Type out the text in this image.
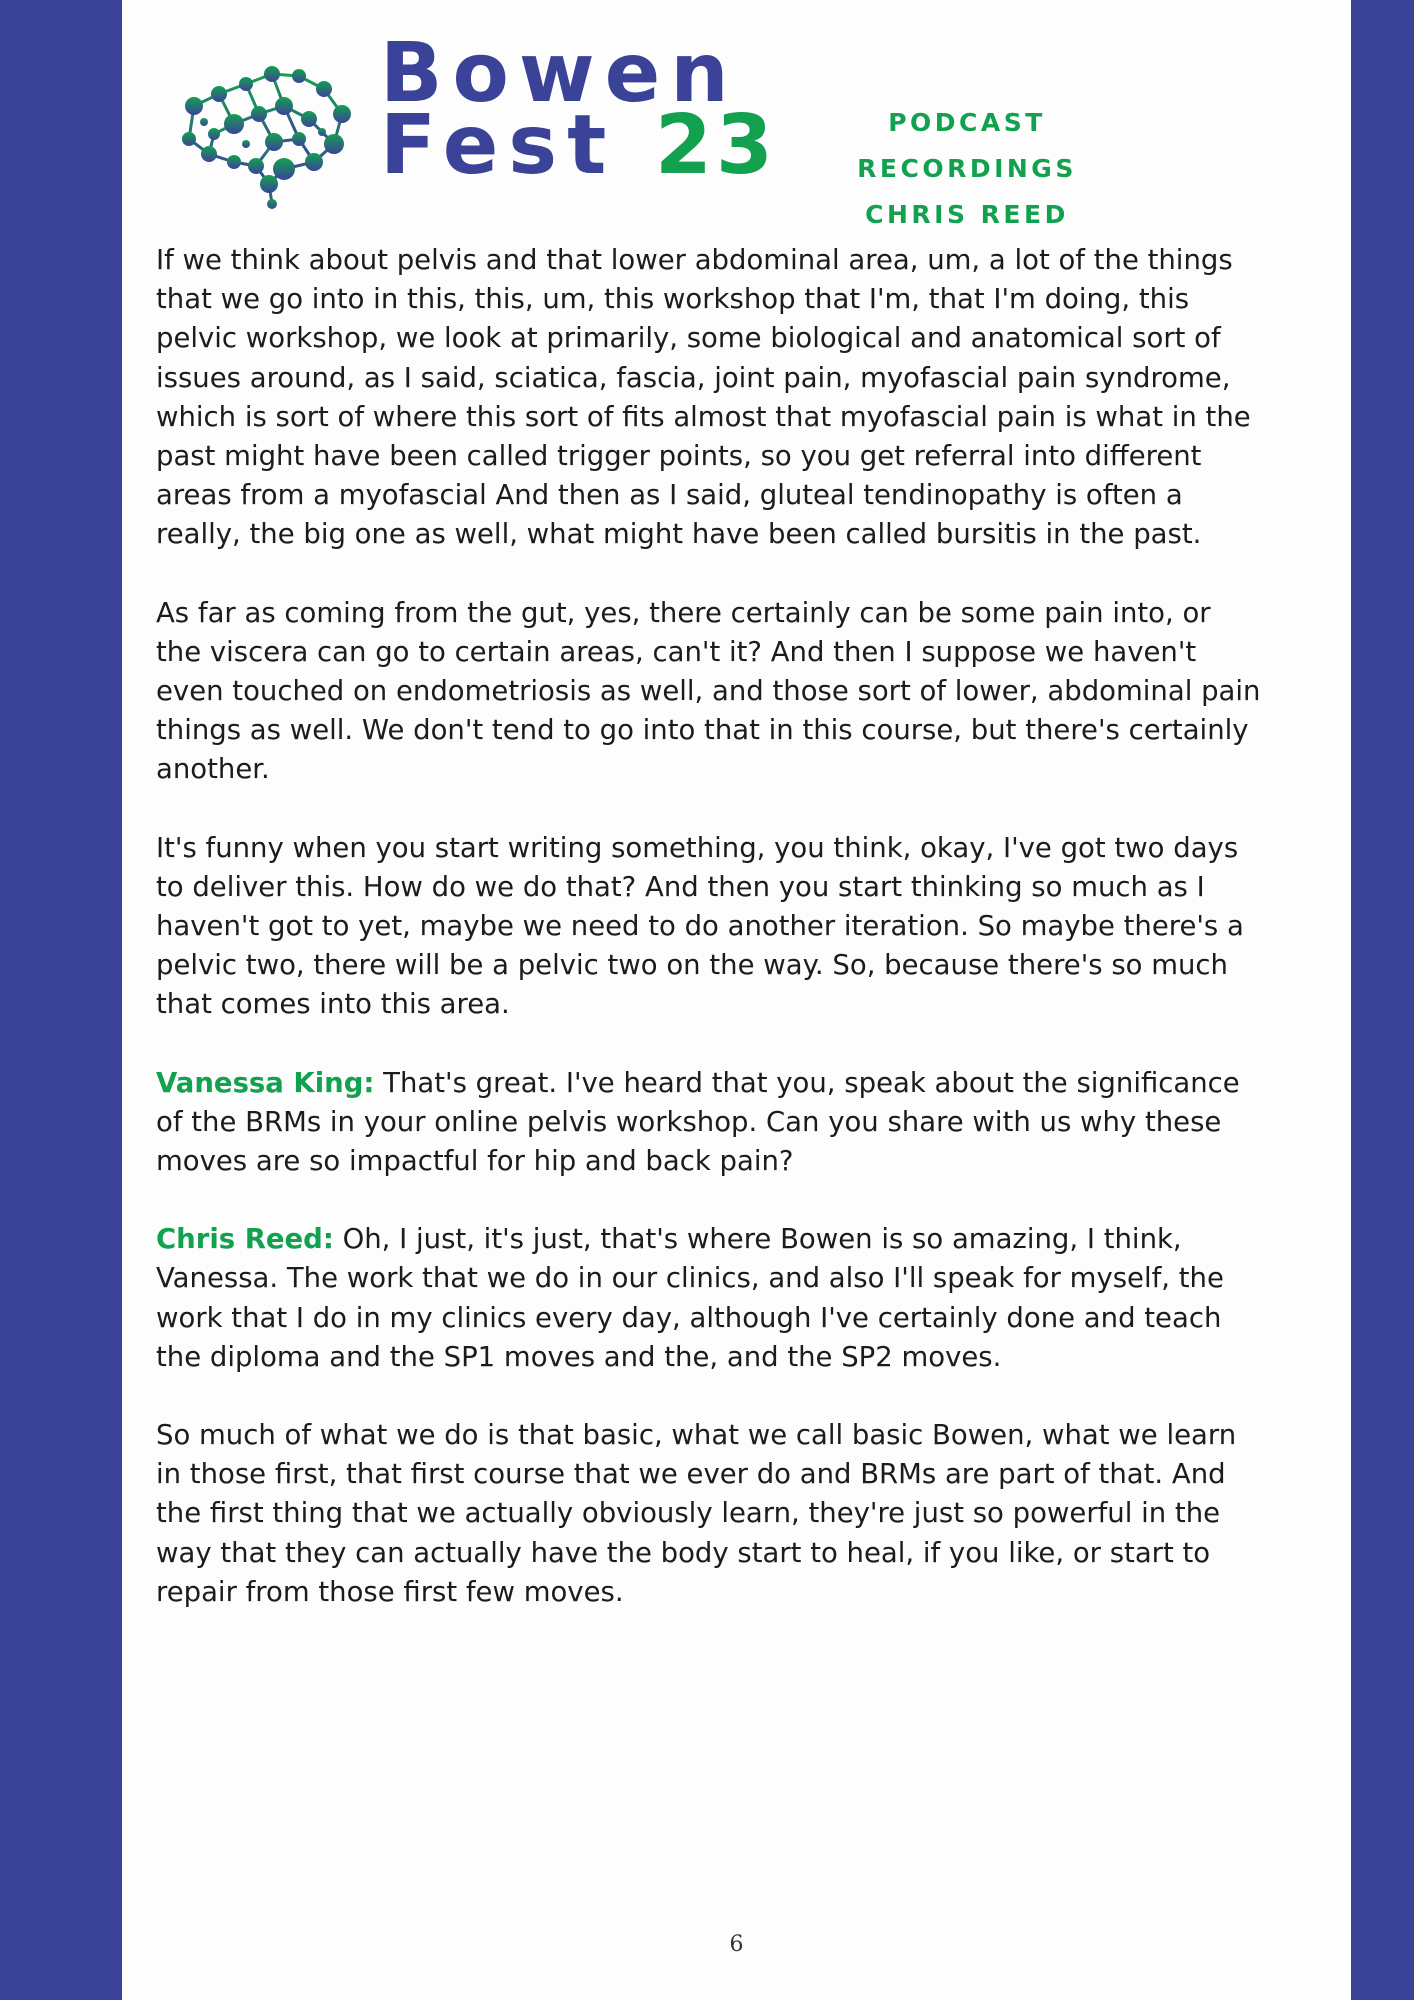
Bowen
Fest 23	PODCAST RECORDINGS
CHRIS REED

If we think about pelvis and that lower abdominal area, um, a lot of the things that we go into in this, this, um, this workshop that I'm, that I'm doing, this pelvic workshop, we look at primarily, some biological and anatomical sort of issues around, as I said, sciatica, fascia, joint pain, myofascial pain syndrome, which is sort of where this sort of fits almost that myofascial pain is what in the past might have been called trigger points, so you get referral into different areas from a myofascial And then as I said, gluteal tendinopathy is often a really, the big one as well, what might have been called bursitis in the past.

As far as coming from the gut, yes, there certainly can be some pain into, or the viscera can go to certain areas, can't it? And then I suppose we haven't even touched on endometriosis as well, and those sort of lower, abdominal pain things as well. We don't tend to go into that in this course, but there's certainly another.

It's funny when you start writing something, you think, okay, I've got two days to deliver this. How do we do that? And then you start thinking so much as I haven't got to yet, maybe we need to do another iteration. So maybe there's a pelvic two, there will be a pelvic two on the way. So, because there's so much that comes into this area.

Vanessa King: That's great. I've heard that you, speak about the significance of the BRMs in your online pelvis workshop. Can you share with us why these moves are so impactful for hip and back pain?

Chris Reed: Oh, I just, it's just, that's where Bowen is so amazing, I think, Vanessa. The work that we do in our clinics, and also I'll speak for myself, the work that I do in my clinics every day, although I've certainly done and teach the diploma and the SP1 moves and the, and the SP2 moves.

So much of what we do is that basic, what we call basic Bowen, what we learn in those first, that first course that we ever do and BRMs are part of that. And the first thing that we actually obviously learn, they're just so powerful in the way that they can actually have the body start to heal, if you like, or start to repair from those first few moves.

6
